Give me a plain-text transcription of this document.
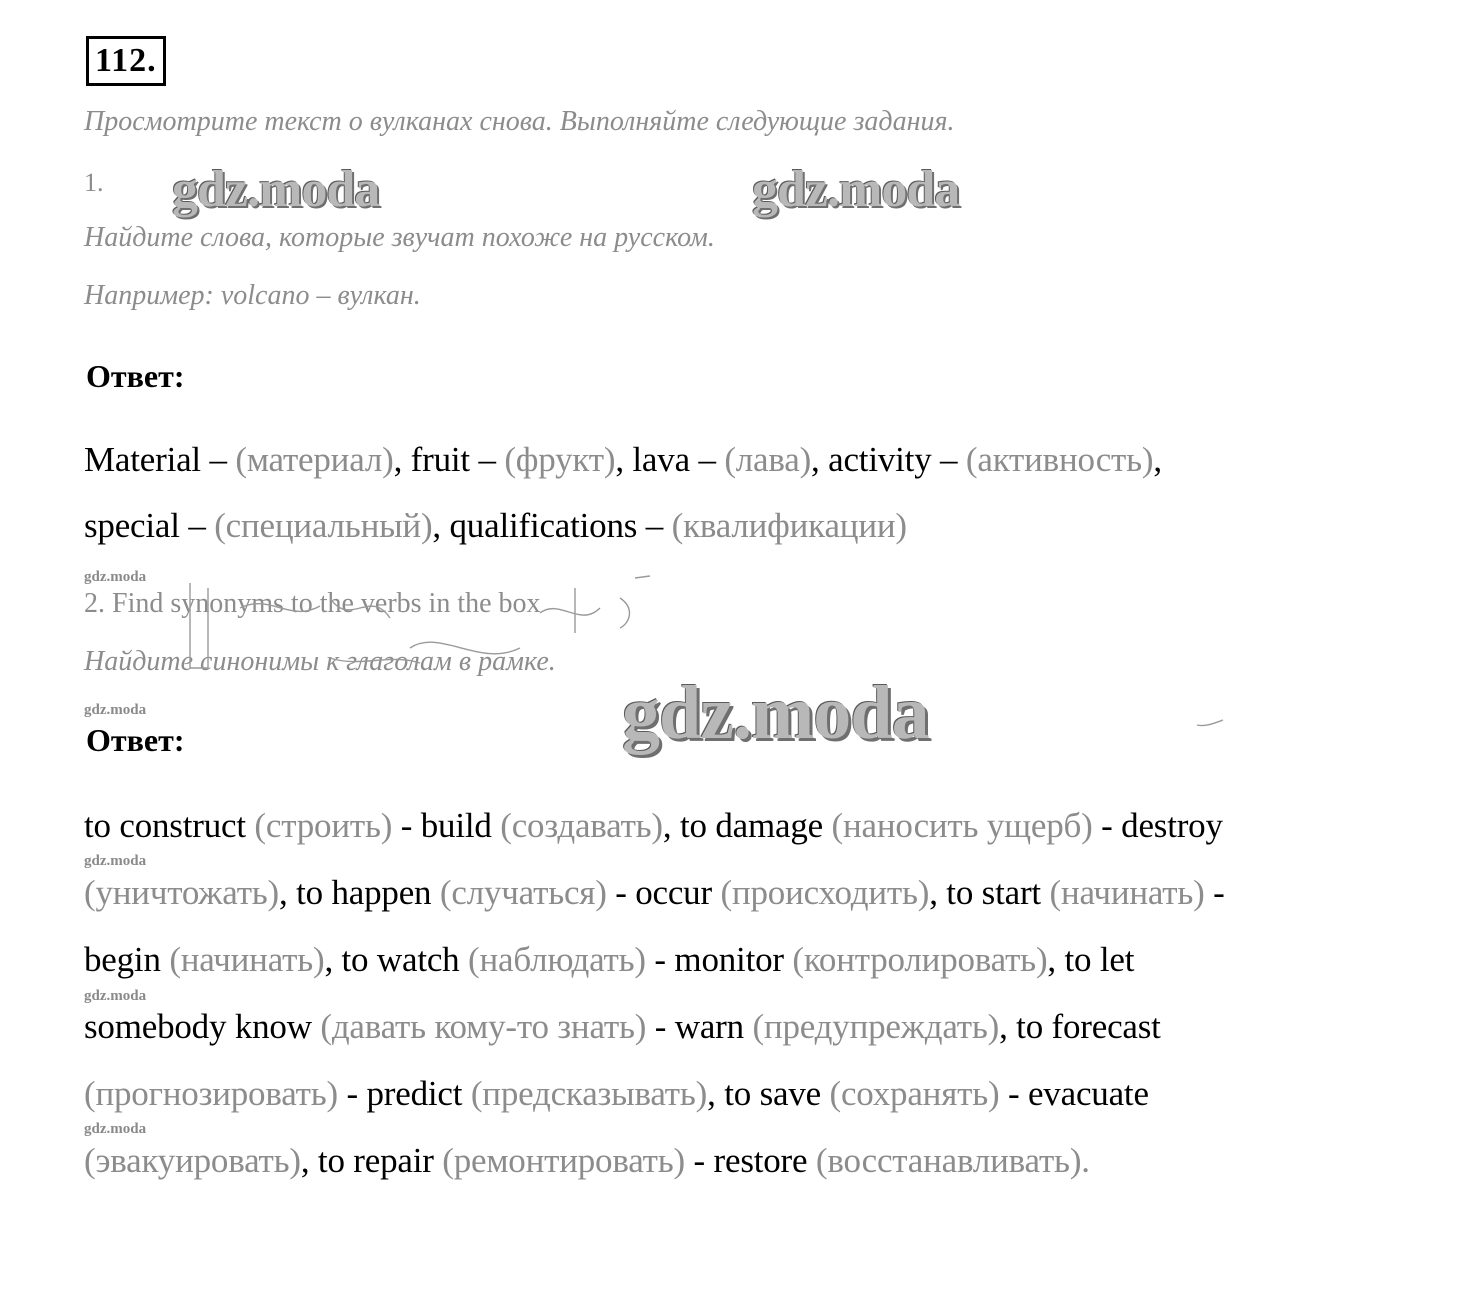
112.
Просмотрите текст о вулканах снова. Выполняйте следующие задания.
1. gdz.moda	gdz.moda
Найдите слова, которые звучат похоже на русском.
Например: volcano – вулкан.
Ответ:
Material – (материал), fruit – (фрукт), lava – (лава), activity – (активность),
special – (специальный), qualifications – (квалификации)
gdz.moda
2. Find synonyms to the verbs in the box
Найдите синонимы к глаголам в рамке.
gdz.moda
Ответ:	gdz.moda
to construct (строить) - build (создавать), to damage (наносить ущерб) - destroy
gdz.moda
(уничтожать), to happen (случаться) - occur (происходить), to start (начинать) -
begin (начинать), to watch (наблюдать) - monitor (контролировать), to let
gdz.moda
somebody know (давать кому-то знать) - warn (предупреждать), to forecast
(прогнозировать) - predict (предсказывать), to save (сохранять) - evacuate
gdz.moda
(эвакуировать), to repair (ремонтировать) - restore (восстанавливать).
